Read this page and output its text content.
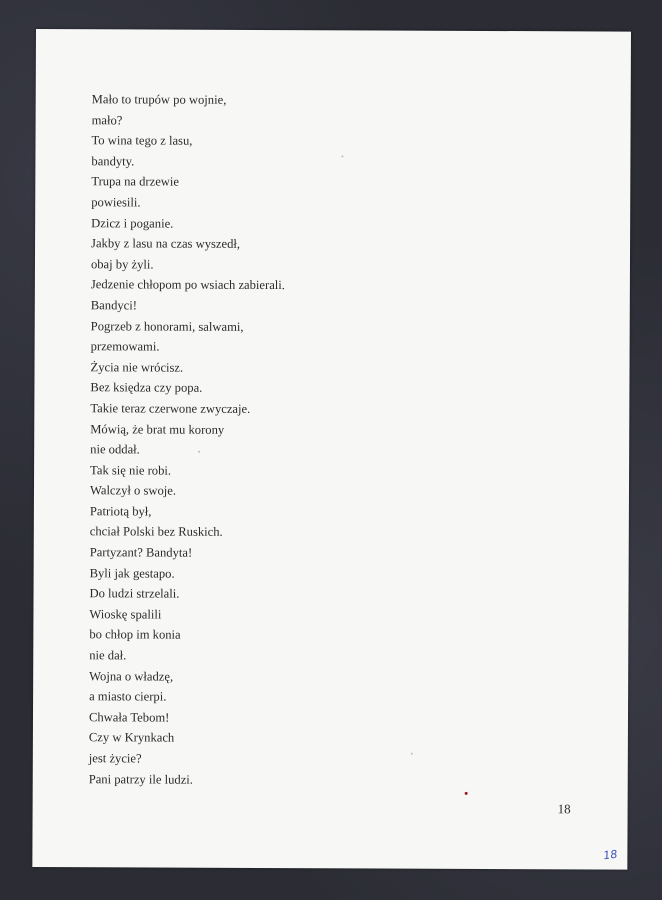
Mało to trupów po wojnie,
mało?
To wina tego z lasu,
bandyty.
Trupa na drzewie
powiesili.
Dzicz i poganie.
Jakby z lasu na czas wyszedł,
obaj by żyli.
Jedzenie chłopom po wsiach zabierali.
Bandyci!
Pogrzeb z honorami, salwami,
przemowami.
Życia nie wrócisz.
Bez księdza czy popa.
Takie teraz czerwone zwyczaje.
Mówią, że brat mu korony
nie oddał.
Tak się nie robi.
Walczył o swoje.
Patriotą był,
chciał Polski bez Ruskich.
Partyzant? Bandyta!
Byli jak gestapo.
Do ludzi strzelali.
Wioskę spalili
bo chłop im konia
nie dał.
Wojna o władzę,
a miasto cierpi.
Chwała Tebom!
Czy w Krynkach
jest życie?
Pani patrzy ile ludzi.
18
18
